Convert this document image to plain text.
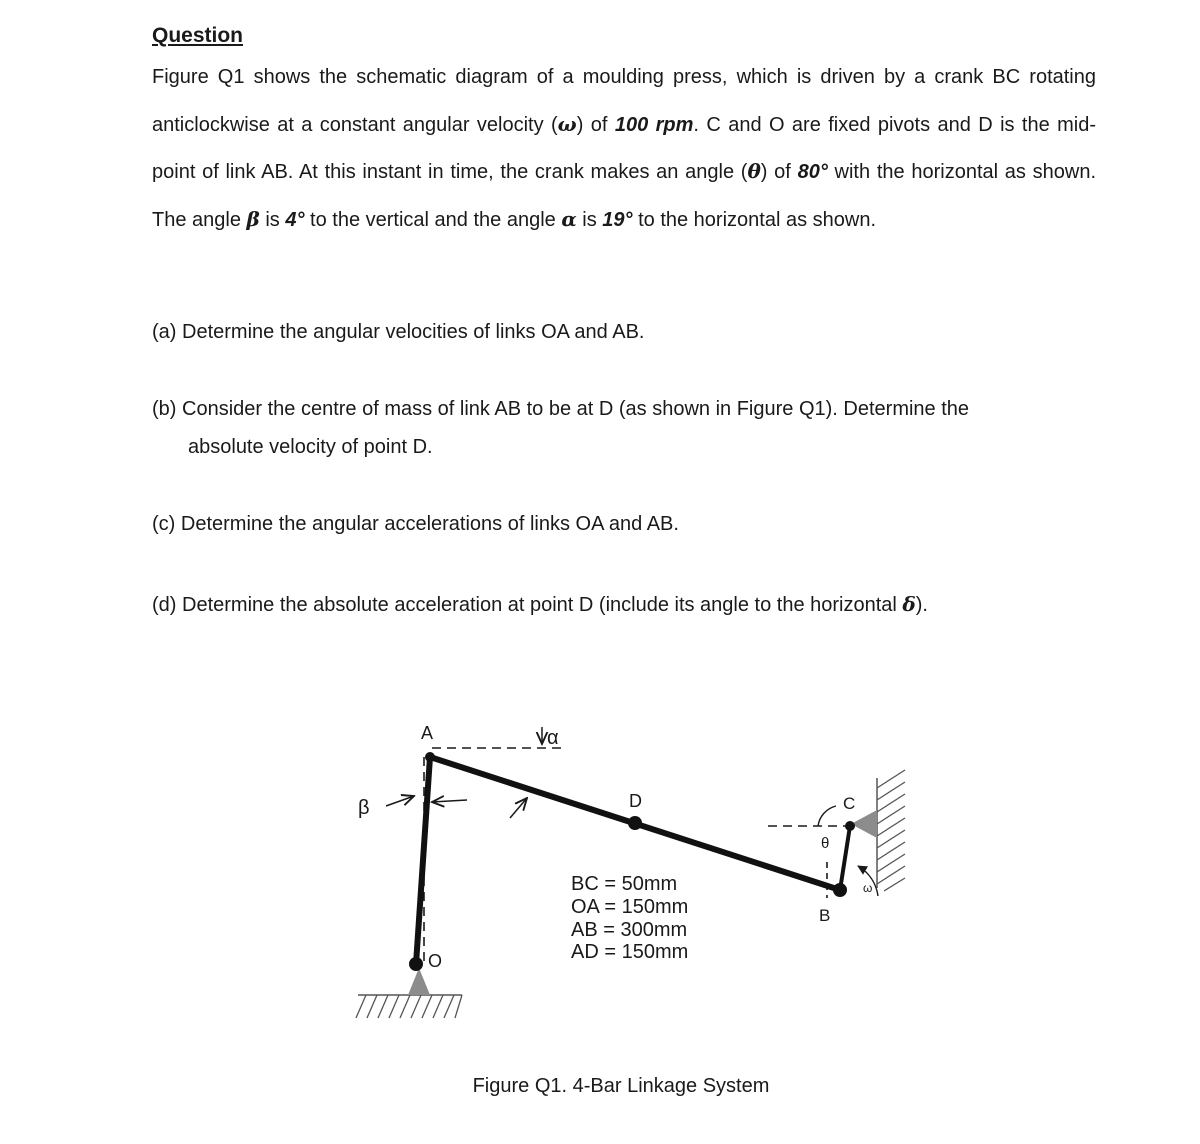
Question
Figure Q1 shows the schematic diagram of a moulding press, which is driven by a crank BC rotating anticlockwise at a constant angular velocity (ω) of 100 rpm. C and O are fixed pivots and D is the mid-point of link AB. At this instant in time, the crank makes an angle (θ) of 80° with the horizontal as shown. The angle β is 4° to the vertical and the angle α is 19° to the horizontal as shown.
(a) Determine the angular velocities of links OA and AB.
(b) Consider the centre of mass of link AB to be at D (as shown in Figure Q1). Determine the
absolute velocity of point D.
(c) Determine the angular accelerations of links OA and AB.
(d) Determine the absolute acceleration at point D (include its angle to the horizontal δ).
A
D	C
B
O
α
β
θ
ω
BC = 50mm
OA = 150mm
AB = 300mm
AD = 150mm
Figure Q1. 4-Bar Linkage System
